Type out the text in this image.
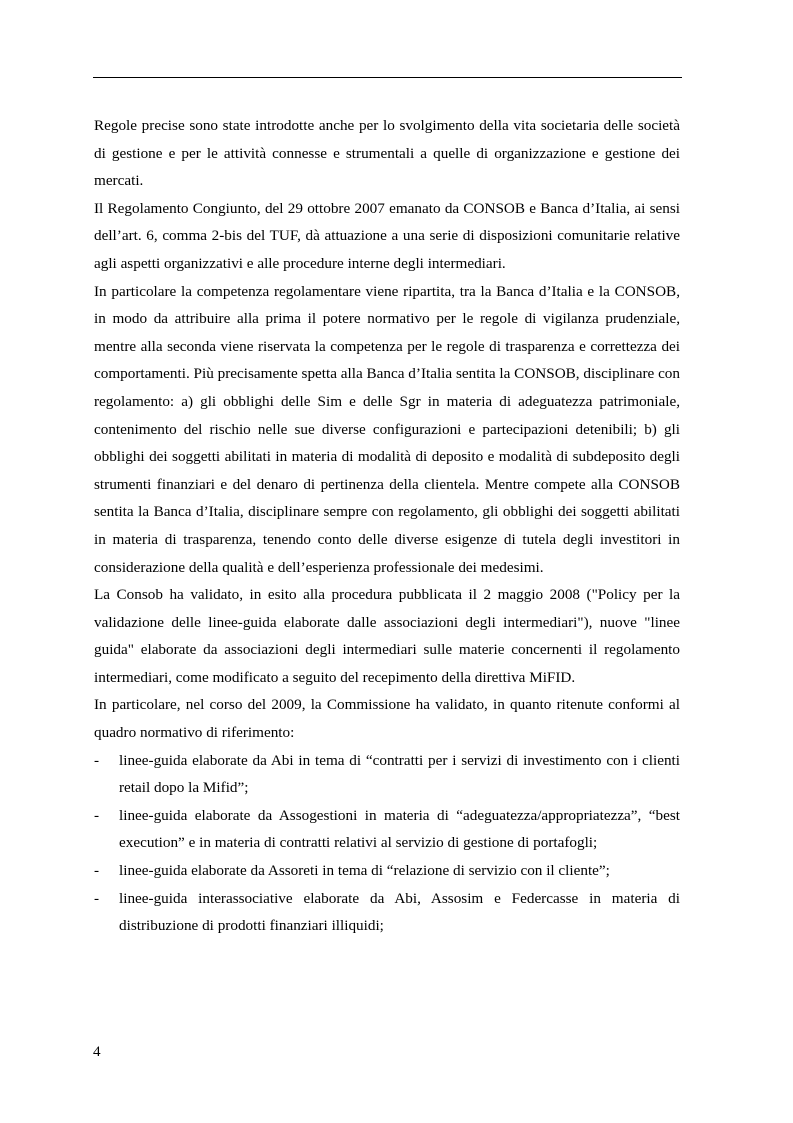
Regole precise sono state introdotte anche per lo svolgimento della vita societaria delle società di gestione e per le attività connesse e strumentali a quelle di organizzazione e gestione dei mercati.

Il Regolamento Congiunto, del 29 ottobre 2007 emanato da CONSOB e Banca d’Italia, ai sensi dell’art. 6, comma 2-bis del TUF, dà attuazione a una serie di disposizioni comunitarie relative agli aspetti organizzativi e alle procedure interne degli intermediari.

In particolare la competenza regolamentare viene ripartita, tra la Banca d’Italia e la CONSOB, in modo da attribuire alla prima il potere normativo per le regole di vigilanza prudenziale, mentre alla seconda viene riservata la competenza per le regole di trasparenza e correttezza dei comportamenti. Più precisamente spetta alla Banca d’Italia sentita la CONSOB, disciplinare con regolamento: a) gli obblighi delle Sim e delle Sgr in materia di adeguatezza patrimoniale, contenimento del rischio nelle sue diverse configurazioni e partecipazioni detenibili; b) gli obblighi dei soggetti abilitati in materia di modalità di deposito e modalità di subdeposito degli strumenti finanziari e del denaro di pertinenza della clientela. Mentre compete alla CONSOB sentita la Banca d’Italia, disciplinare sempre con regolamento, gli obblighi dei soggetti abilitati in materia di trasparenza, tenendo conto delle diverse esigenze di tutela degli investitori in considerazione della qualità e dell’esperienza professionale dei medesimi.

La Consob ha validato, in esito alla procedura pubblicata il 2 maggio 2008 ("Policy per la validazione delle linee-guida elaborate dalle associazioni degli intermediari"), nuove "linee guida" elaborate da associazioni degli intermediari sulle materie concernenti il regolamento intermediari, come modificato a seguito del recepimento della direttiva MiFID.

In particolare, nel corso del 2009, la Commissione ha validato, in quanto ritenute conformi al quadro normativo di riferimento:

- linee-guida elaborate da Abi in tema di “contratti per i servizi di investimento con i clienti retail dopo la Mifid”;
- linee-guida elaborate da Assogestioni in materia di “adeguatezza/appropriatezza”, “best execution” e in materia di contratti relativi al servizio di gestione di portafogli;
- linee-guida elaborate da Assoreti in tema di “relazione di servizio con il cliente”;
- linee-guida interassociative elaborate da Abi, Assosim e Federcasse in materia di distribuzione di prodotti finanziari illiquidi;
4
